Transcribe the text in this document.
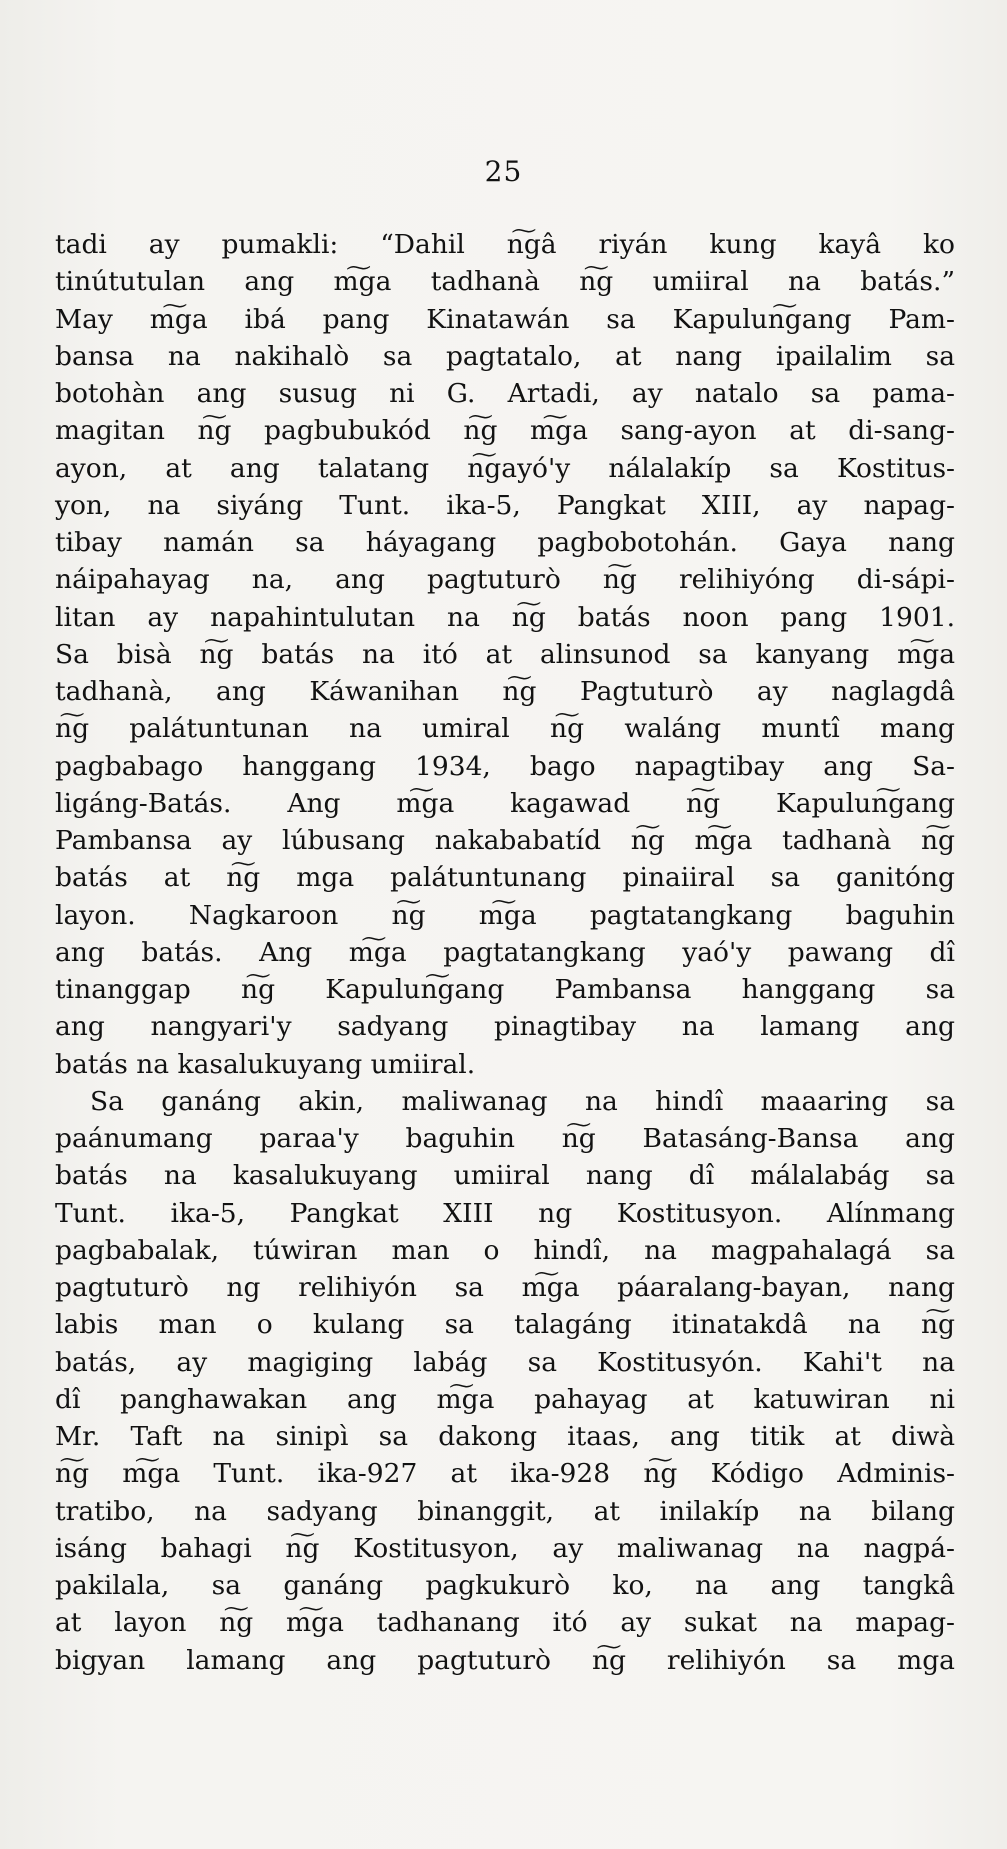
25
tadi ay pumakli: “Dahil n͠gâ riyán kung kayâ ko
tinútutulan ang m͠ga tadhanà n͠g umiiral na batás.”
May m͠ga ibá pang Kinatawán sa Kapulun͠gang Pam-
bansa na nakihalò sa pagtatalo, at nang ipailalim sa
botohàn ang susug ni G. Artadi, ay natalo sa pama-
magitan n͠g pagbubukód n͠g m͠ga sang-ayon at di-sang-
ayon, at ang talatang n͠gayó'y nálalakíp sa Kostitus-
yon, na siyáng Tunt. ika-5, Pangkat XIII, ay napag-
tibay namán sa háyagang pagbobotohán. Gaya nang
náipahayag na, ang pagtuturò n͠g relihiyóng di-sápi-
litan ay napahintulutan na n͠g batás noon pang 1901.
Sa bisà n͠g batás na itó at alinsunod sa kanyang m͠ga
tadhanà, ang Káwanihan n͠g Pagtuturò ay naglagdâ
n͠g palátuntunan na umiral n͠g waláng muntî mang
pagbabago hanggang 1934, bago napagtibay ang Sa-
ligáng-Batás. Ang m͠ga kagawad n͠g Kapulun͠gang
Pambansa ay lúbusang nakababatíd n͠g m͠ga tadhanà n͠g
batás at n͠g mga palátuntunang pinaiiral sa ganitóng
layon. Nagkaroon n͠g m͠ga pagtatangkang baguhin
ang batás. Ang m͠ga pagtatangkang yaó'y pawang dî
tinanggap n͠g Kapulun͠gang Pambansa hanggang sa
ang nangyari'y sadyang pinagtibay na lamang ang
batás na kasalukuyang umiiral.
Sa ganáng akin, maliwanag na hindî maaaring sa
paánumang paraa'y baguhin n͠g Batasáng-Bansa ang
batás na kasalukuyang umiiral nang dî málalabág sa
Tunt. ika-5, Pangkat XIII ng Kostitusyon. Alínmang
pagbabalak, túwiran man o hindî, na magpahalagá sa
pagtuturò ng relihiyón sa m͠ga páaralang-bayan, nang
labis man o kulang sa talagáng itinatakdâ na n͠g
batás, ay magiging labág sa Kostitusyón. Kahi't na
dî panghawakan ang m͠ga pahayag at katuwiran ni
Mr. Taft na sinipì sa dakong itaas, ang titik at diwà
n͠g m͠ga Tunt. ika-927 at ika-928 n͠g Kódigo Adminis-
tratibo, na sadyang binanggit, at inilakíp na bilang
isáng bahagi n͠g Kostitusyon, ay maliwanag na nagpá-
pakilala, sa ganáng pagkukurò ko, na ang tangkâ
at layon n͠g m͠ga tadhanang itó ay sukat na mapag-
bigyan lamang ang pagtuturò n͠g relihiyón sa mga
